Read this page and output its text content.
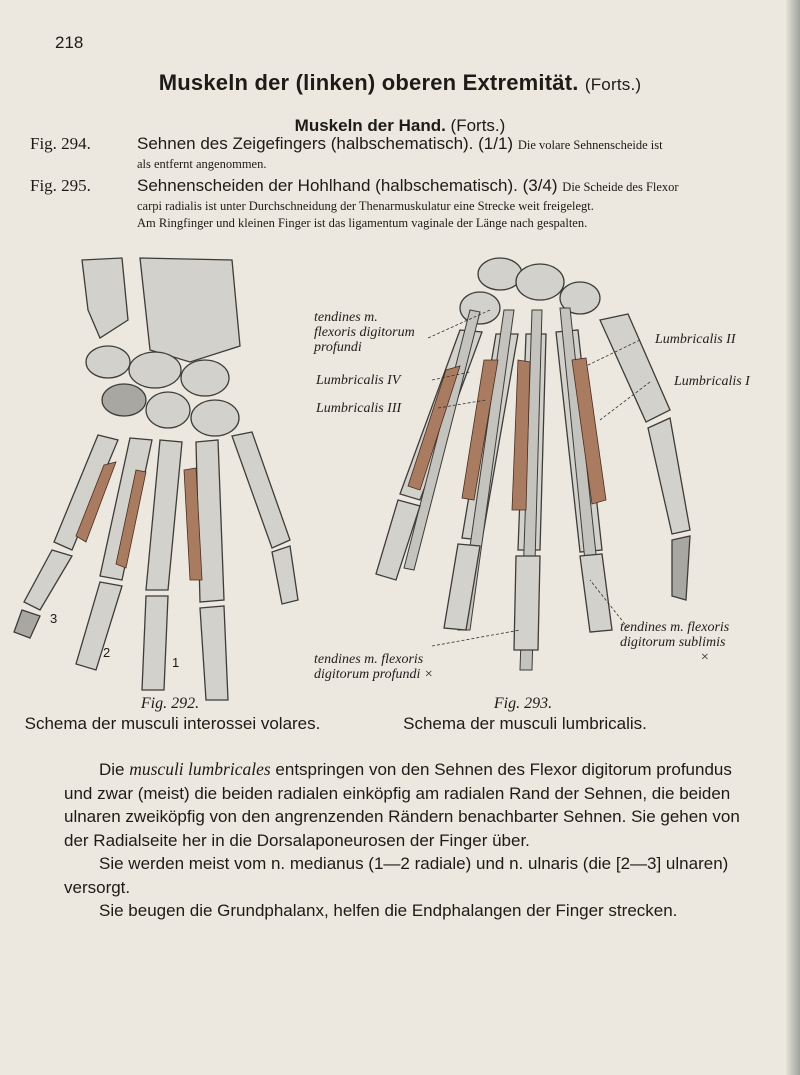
218
Muskeln der (linken) oberen Extremität. (Forts.)
Muskeln der Hand. (Forts.)
Fig. 294.	Sehnen des Zeigefingers (halbschematisch). (1/1) Die volare Sehnenscheide ist
als entfernt angenommen.
Fig. 295.	Sehnenscheiden der Hohlhand (halbschematisch). (3/4) Die Scheide des Flexor
carpi radialis ist unter Durchschneidung der Thenarmuskulatur eine Strecke weit freigelegt.
Am Ringfinger und kleinen Finger ist das ligamentum vaginale der Länge nach gespalten.
3
2
1
tendines m.
flexoris digitorum
profundi
Lumbricalis IV
Lumbricalis III
Lumbricalis II
Lumbricalis I
tendines m. flexoris
digitorum sublimis
×
tendines m. flexoris
digitorum profundi ×
Fig. 292.
Schema der musculi interossei volares.
Fig. 293.
Schema der musculi lumbricalis.

Die musculi lumbricales entspringen von den Sehnen des Flexor digitorum profundus und zwar (meist) die beiden radialen einköpfig am radialen Rand der Sehnen, die beiden ulnaren zweiköpfig von den angrenzenden Rändern benachbarter Sehnen. Sie gehen von der Radialseite her in die Dorsalaponeurosen der Finger über.

Sie werden meist vom n. medianus (1—2 radiale) und n. ulnaris (die [2—3] ulnaren) versorgt.

Sie beugen die Grundphalanx, helfen die Endphalangen der Finger strecken.
